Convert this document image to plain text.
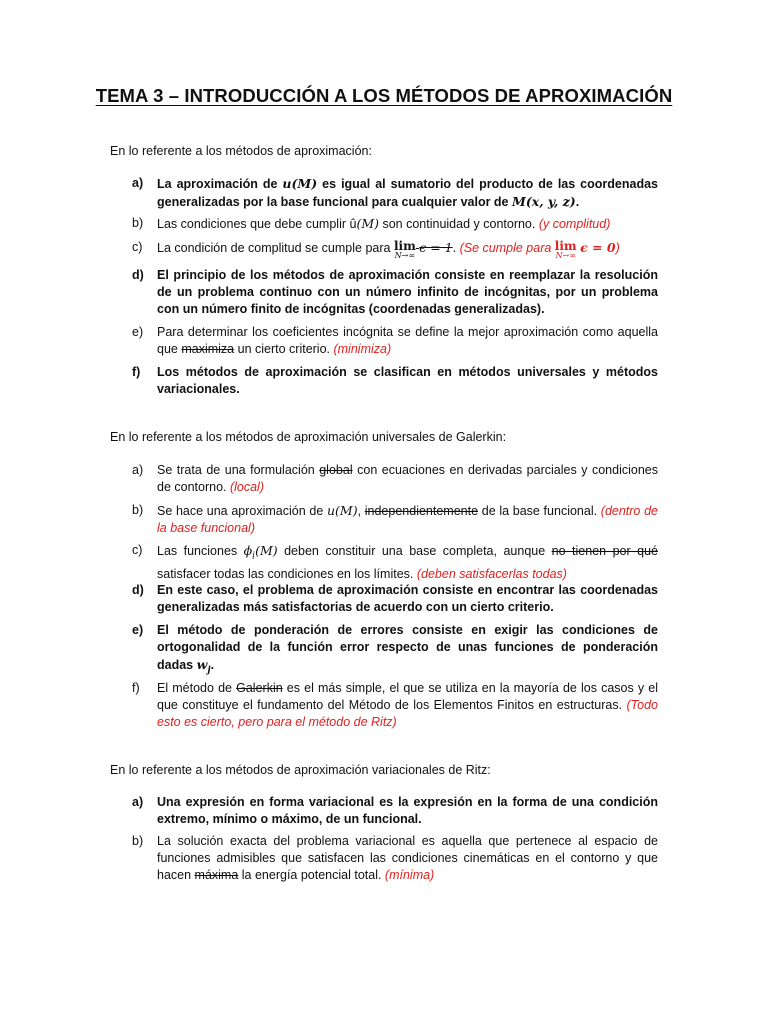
TEMA 3 – INTRODUCCIÓN A LOS MÉTODOS DE APROXIMACIÓN
En lo referente a los métodos de aproximación:
a)	La aproximación de u(M) es igual al sumatorio del producto de las coordenadas generalizadas por la base funcional para cualquier valor de M(x, y, z).
b)	Las condiciones que debe cumplir û(M) son continuidad y contorno. (y complitud)
c)	La condición de complitud se cumple para lim
N→∞
ϵ = 1. (Se cumple para lim
N→∞
ϵ = 0)
d)	El principio de los métodos de aproximación consiste en reemplazar la resolución de un problema continuo con un número infinito de incógnitas, por un problema con un número finito de incógnitas (coordenadas generalizadas).
e)	Para determinar los coeficientes incógnita se define la mejor aproximación como aquella que maximiza un cierto criterio. (minimiza)
f)	Los métodos de aproximación se clasifican en métodos universales y métodos variacionales.
En lo referente a los métodos de aproximación universales de Galerkin:
a)	Se trata de una formulación global con ecuaciones en derivadas parciales y condiciones de contorno. (local)
b)	Se hace una aproximación de u(M), independientemente de la base funcional. (dentro de la base funcional)
c)	Las funciones $\phi_i(M)$ deben constituir una base completa, aunque no tienen por qué satisfacer todas las condiciones en los límites. (deben satisfacerlas todas)
d)	En este caso, el problema de aproximación consiste en encontrar las coordenadas generalizadas más satisfactorias de acuerdo con un cierto criterio.
e)	El método de ponderación de errores consiste en exigir las condiciones de ortogonalidad de la función error respecto de unas funciones de ponderación dadas $w_j$.
f)	El método de Galerkin es el más simple, el que se utiliza en la mayoría de los casos y el que constituye el fundamento del Método de los Elementos Finitos en estructuras. (Todo esto es cierto, pero para el método de Ritz)
En lo referente a los métodos de aproximación variacionales de Ritz:
a)	Una expresión en forma variacional es la expresión en la forma de una condición extremo, mínimo o máximo, de un funcional.
b)	La solución exacta del problema variacional es aquella que pertenece al espacio de funciones admisibles que satisfacen las condiciones cinemáticas en el contorno y que hacen máxima la energía potencial total. (mínima)
